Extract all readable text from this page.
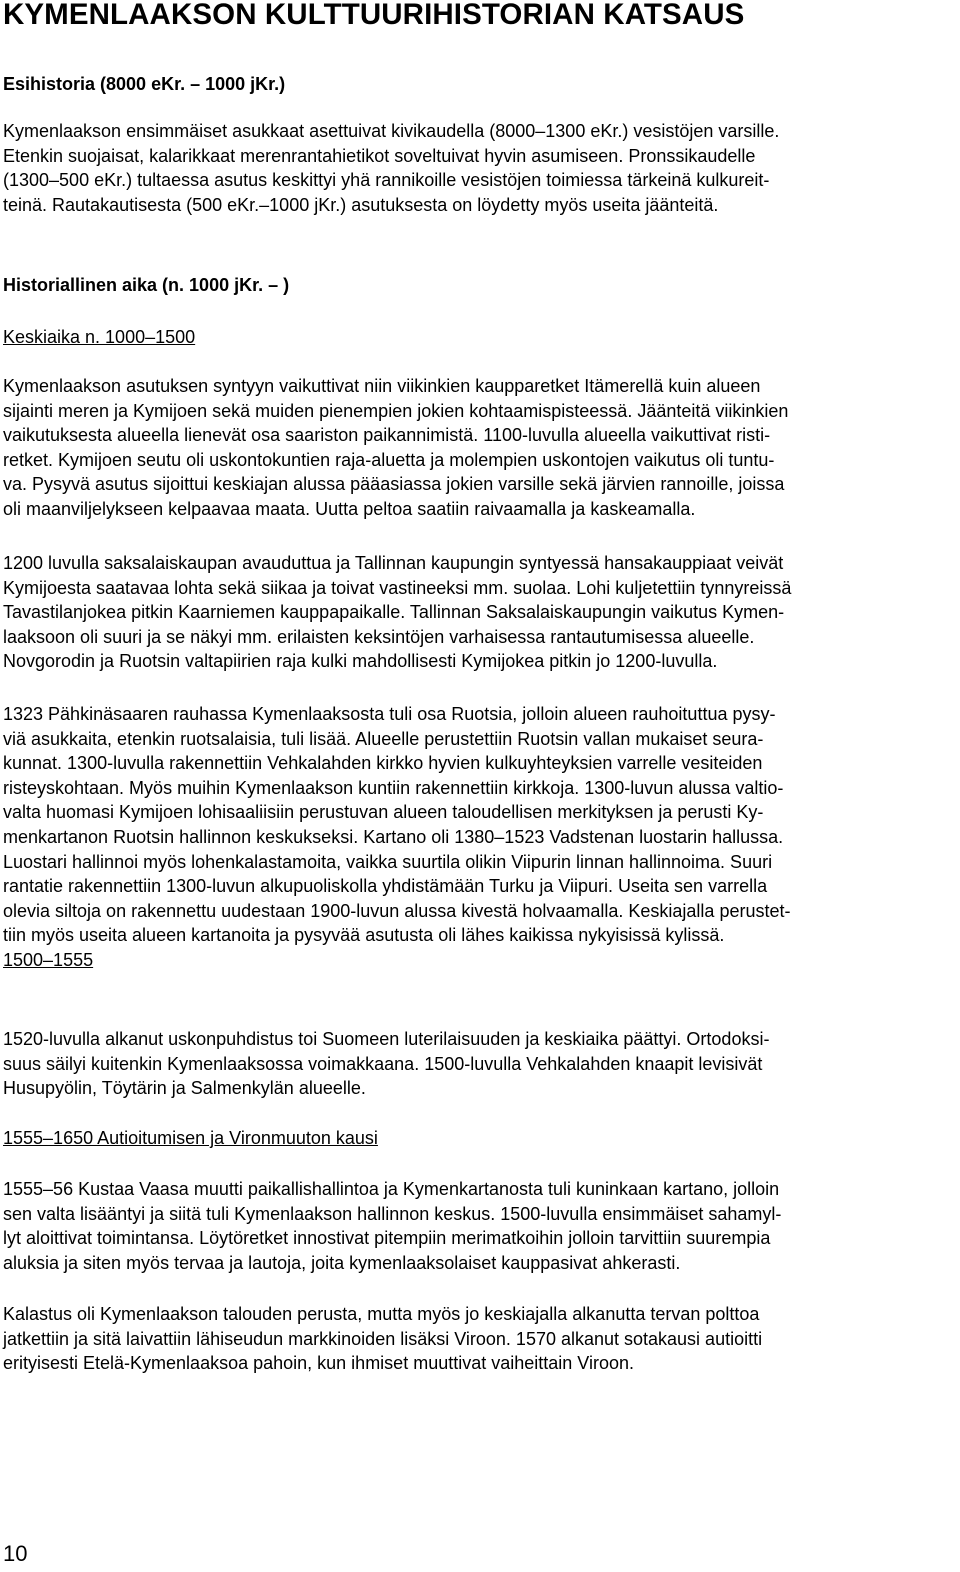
KYMENLAAKSON KULTTUURIHISTORIAN KATSAUS
Esihistoria (8000 eKr. – 1000 jKr.)

Kymenlaakson ensimmäiset asukkaat asettuivat kivikaudella (8000–1300 eKr.) vesistöjen varsille.
Etenkin suojaisat, kalarikkaat merenrantahietikot soveltuivat hyvin asumiseen. Pronssikaudelle
(1300–500 eKr.) tultaessa asutus keskittyi yhä rannikoille vesistöjen toimiessa tärkeinä kulkureit-
teinä. Rautakautisesta (500 eKr.–1000 jKr.) asutuksesta on löydetty myös useita jäänteitä.

Historiallinen aika (n. 1000 jKr. – )
Keskiaika n. 1000–1500

Kymenlaakson asutuksen syntyyn vaikuttivat niin viikinkien kaupparetket Itämerellä kuin alueen
sijainti meren ja Kymijoen sekä muiden pienempien jokien kohtaamispisteessä. Jäänteitä viikinkien
vaikutuksesta alueella lienevät osa saariston paikannimistä. 1100-luvulla alueella vaikuttivat risti-
retket. Kymijoen seutu oli uskontokuntien raja-aluetta ja molempien uskontojen vaikutus oli tuntu-
va. Pysyvä asutus sijoittui keskiajan alussa pääasiassa jokien varsille sekä järvien rannoille, joissa
oli maanviljelykseen kelpaavaa maata. Uutta peltoa saatiin raivaamalla ja kaskeamalla.

1200 luvulla saksalaiskaupan avauduttua ja Tallinnan kaupungin syntyessä hansakauppiaat veivät
Kymijoesta saatavaa lohta sekä siikaa ja toivat vastineeksi mm. suolaa. Lohi kuljetettiin tynnyreissä
Tavastilanjokea pitkin Kaarniemen kauppapaikalle. Tallinnan Saksalaiskaupungin vaikutus Kymen-
laaksoon oli suuri ja se näkyi mm. erilaisten keksintöjen varhaisessa rantautumisessa alueelle.
Novgorodin ja Ruotsin valtapiirien raja kulki mahdollisesti Kymijokea pitkin jo 1200-luvulla.

1323 Pähkinäsaaren rauhassa Kymenlaaksosta tuli osa Ruotsia, jolloin alueen rauhoituttua pysy-
viä asukkaita, etenkin ruotsalaisia, tuli lisää. Alueelle perustettiin Ruotsin vallan mukaiset seura-
kunnat. 1300-luvulla rakennettiin Vehkalahden kirkko hyvien kulkuyhteyksien varrelle vesiteiden
risteyskohtaan. Myös muihin Kymenlaakson kuntiin rakennettiin kirkkoja. 1300-luvun alussa valtio-
valta huomasi Kymijoen lohisaaliisiin perustuvan alueen taloudellisen merkityksen ja perusti Ky-
menkartanon Ruotsin hallinnon keskukseksi. Kartano oli 1380–1523 Vadstenan luostarin hallussa.
Luostari hallinnoi myös lohenkalastamoita, vaikka suurtila olikin Viipurin linnan hallinnoima. Suuri
rantatie rakennettiin 1300-luvun alkupuoliskolla yhdistämään Turku ja Viipuri. Useita sen varrella
olevia siltoja on rakennettu uudestaan 1900-luvun alussa kivestä holvaamalla. Keskiajalla perustet-
tiin myös useita alueen kartanoita ja pysyvää asutusta oli lähes kaikissa nykyisissä kylissä.

1500–1555

1520-luvulla alkanut uskonpuhdistus toi Suomeen luterilaisuuden ja keskiaika päättyi. Ortodoksi-
suus säilyi kuitenkin Kymenlaaksossa voimakkaana. 1500-luvulla Vehkalahden knaapit levisivät
Husupyölin, Töytärin ja Salmenkylän alueelle.

1555–1650 Autioitumisen ja Vironmuuton kausi

1555–56 Kustaa Vaasa muutti paikallishallintoa ja Kymenkartanosta tuli kuninkaan kartano, jolloin
sen valta lisääntyi ja siitä tuli Kymenlaakson hallinnon keskus. 1500-luvulla ensimmäiset sahamyl-
lyt aloittivat toimintansa. Löytöretket innostivat pitempiin merimatkoihin jolloin tarvittiin suurempia
aluksia ja siten myös tervaa ja lautoja, joita kymenlaaksolaiset kauppasivat ahkerasti.

Kalastus oli Kymenlaakson talouden perusta, mutta myös jo keskiajalla alkanutta tervan polttoa
jatkettiin ja sitä laivattiin lähiseudun markkinoiden lisäksi Viroon. 1570 alkanut sotakausi autioitti
erityisesti Etelä-Kymenlaaksoa pahoin, kun ihmiset muuttivat vaiheittain Viroon.

10
